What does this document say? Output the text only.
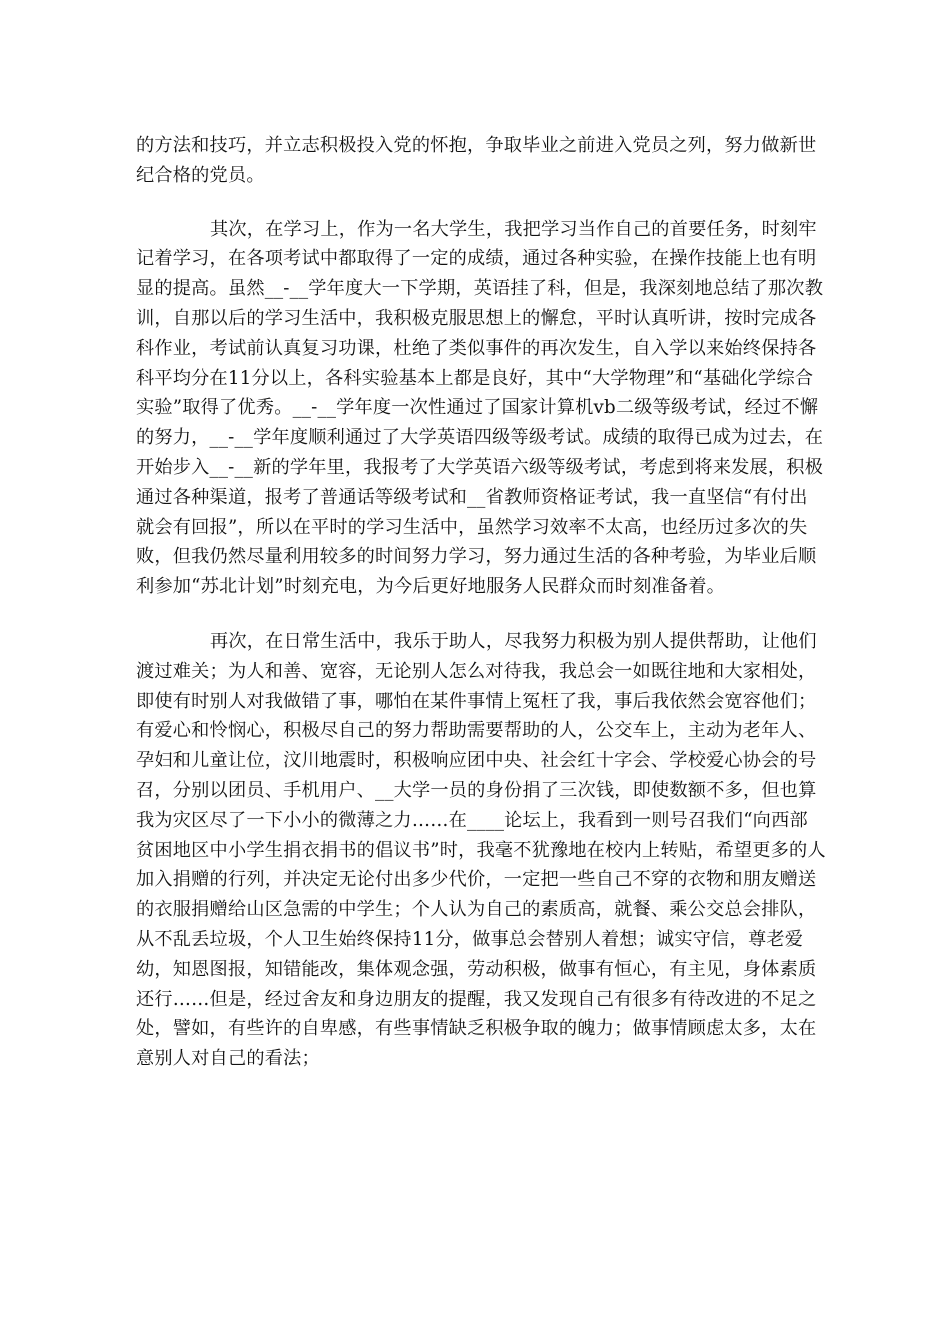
的方法和技巧，并立志积极投入党的怀抱，争取毕业之前进入党员之列，努力做新世纪合格的党员。

其次，在学习上，作为一名大学生，我把学习当作自己的首要任务，时刻牢记着学习，在各项考试中都取得了一定的成绩，通过各种实验，在操作技能上也有明显的提高。虽然__-__学年度大一下学期，英语挂了科，但是，我深刻地总结了那次教训，自那以后的学习生活中，我积极克服思想上的懈怠，平时认真听讲，按时完成各科作业，考试前认真复习功课，杜绝了类似事件的再次发生，自入学以来始终保持各科平均分在11分以上，各科实验基本上都是良好，其中“大学物理”和“基础化学综合实验”取得了优秀。__-__学年度一次性通过了国家计算机vb二级等级考试，经过不懈的努力，__-__学年度顺利通过了大学英语四级等级考试。成绩的取得已成为过去，在开始步入__-__新的学年里，我报考了大学英语六级等级考试，考虑到将来发展，积极通过各种渠道，报考了普通话等级考试和__省教师资格证考试，我一直坚信“有付出就会有回报”，所以在平时的学习生活中，虽然学习效率不太高，也经历过多次的失败，但我仍然尽量利用较多的时间努力学习，努力通过生活的各种考验，为毕业后顺利参加“苏北计划”时刻充电，为今后更好地服务人民群众而时刻准备着。

再次，在日常生活中，我乐于助人，尽我努力积极为别人提供帮助，让他们渡过难关；为人和善、宽容，无论别人怎么对待我，我总会一如既往地和大家相处，即使有时别人对我做错了事，哪怕在某件事情上冤枉了我，事后我依然会宽容他们；有爱心和怜悯心，积极尽自己的努力帮助需要帮助的人，公交车上，主动为老年人、孕妇和儿童让位，汶川地震时，积极响应团中央、社会红十字会、学校爱心协会的号召，分别以团员、手机用户、__大学一员的身份捐了三次钱，即使数额不多，但也算我为灾区尽了一下小小的微薄之力……在____论坛上，我看到一则号召我们“向西部贫困地区中小学生捐衣捐书的倡议书”时，我毫不犹豫地在校内上转贴，希望更多的人加入捐赠的行列，并决定无论付出多少代价，一定把一些自己不穿的衣物和朋友赠送的衣服捐赠给山区急需的中学生；个人认为自己的素质高，就餐、乘公交总会排队，从不乱丢垃圾，个人卫生始终保持11分，做事总会替别人着想；诚实守信，尊老爱幼，知恩图报，知错能改，集体观念强，劳动积极，做事有恒心，有主见，身体素质还行……但是，经过舍友和身边朋友的提醒，我又发现自己有很多有待改进的不足之处，譬如，有些许的自卑感，有些事情缺乏积极争取的魄力；做事情顾虑太多，太在意别人对自己的看法；
